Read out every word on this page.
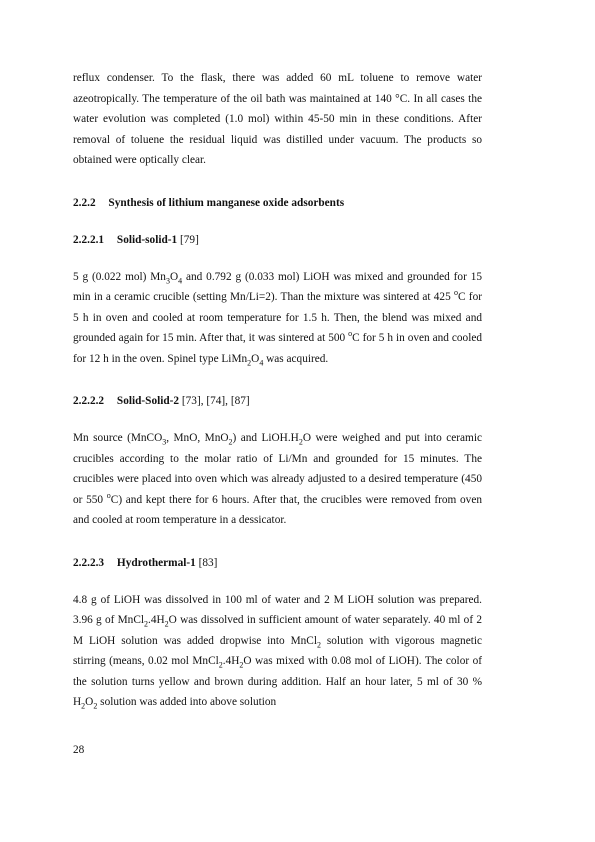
reflux condenser. To the flask, there was added 60 mL toluene to remove water azeotropically. The temperature of the oil bath was maintained at 140 °C. In all cases the water evolution was completed (1.0 mol) within 45-50 min in these conditions. After removal of toluene the residual liquid was distilled under vacuum. The products so obtained were optically clear.

2.2.2 Synthesis of lithium manganese oxide adsorbents
2.2.2.1 Solid-solid-1 [79]

5 g (0.022 mol) $Mn_3O_4$ and 0.792 g (0.033 mol) LiOH was mixed and grounded for 15 min in a ceramic crucible (setting Mn/Li=2). Than the mixture was sintered at 425 $^o$C for 5 h in oven and cooled at room temperature for 1.5 h. Then, the blend was mixed and grounded again for 15 min. After that, it was sintered at 500 $^o$C for 5 h in oven and cooled for 12 h in the oven. Spinel type $LiMn_2O_4$ was acquired.

2.2.2.2 Solid-Solid-2 [73], [74], [87]

Mn source (MnCO$_3$, MnO, MnO$_2$) and $LiOH.H_2O$ were weighed and put into ceramic crucibles according to the molar ratio of Li/Mn and grounded for 15 minutes. The crucibles were placed into oven which was already adjusted to a desired temperature (450 or 550 $^o$C) and kept there for 6 hours. After that, the crucibles were removed from oven and cooled at room temperature in a dessicator.

2.2.2.3 Hydrothermal-1 [83]

4.8 g of LiOH was dissolved in 100 ml of water and 2 M LiOH solution was prepared. 3.96 g of $MnCl_2.4H_2O$ was dissolved in sufficient amount of water separately. 40 ml of 2 M LiOH solution was added dropwise into MnCl$_2$ solution with vigorous magnetic stirring (means, 0.02 mol $MnCl_2.4H_2O$ was mixed with 0.08 mol of LiOH). The color of the solution turns yellow and brown during addition. Half an hour later, 5 ml of 30 % $H_2O_2$ solution was added into above solution

28
